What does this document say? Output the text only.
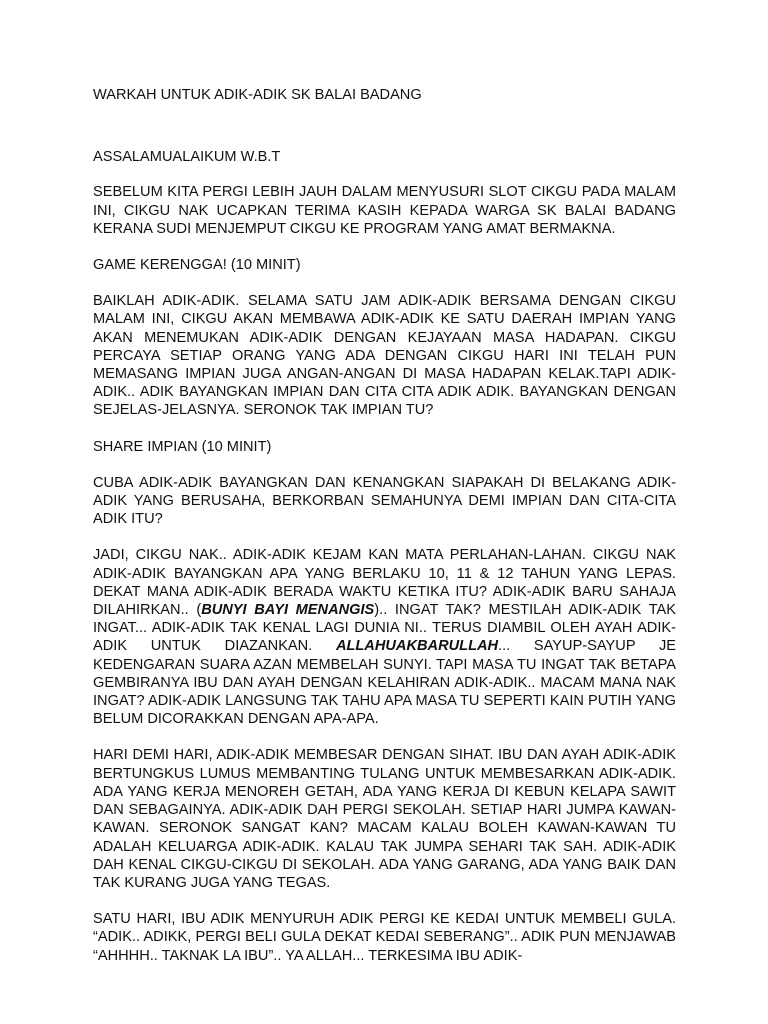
WARKAH UNTUK ADIK-ADIK SK BALAI BADANG

ASSALAMUALAIKUM W.B.T

SEBELUM KITA PERGI LEBIH JAUH DALAM MENYUSURI SLOT CIKGU PADA MALAM INI, CIKGU NAK UCAPKAN TERIMA KASIH KEPADA WARGA SK BALAI BADANG KERANA SUDI MENJEMPUT CIKGU KE PROGRAM YANG AMAT BERMAKNA.

GAME KERENGGA! (10 MINIT)

BAIKLAH ADIK-ADIK. SELAMA SATU JAM ADIK-ADIK BERSAMA DENGAN CIKGU MALAM INI, CIKGU AKAN MEMBAWA ADIK-ADIK KE SATU DAERAH IMPIAN YANG AKAN MENEMUKAN ADIK-ADIK DENGAN KEJAYAAN MASA HADAPAN. CIKGU PERCAYA SETIAP ORANG YANG ADA DENGAN CIKGU HARI INI TELAH PUN MEMASANG IMPIAN JUGA ANGAN-ANGAN DI MASA HADAPAN KELAK.TAPI ADIK-ADIK.. ADIK BAYANGKAN IMPIAN DAN CITA CITA ADIK ADIK. BAYANGKAN DENGAN SEJELAS-JELASNYA. SERONOK TAK IMPIAN TU?

SHARE IMPIAN (10 MINIT)

CUBA ADIK-ADIK BAYANGKAN DAN KENANGKAN SIAPAKAH DI BELAKANG ADIK-ADIK YANG BERUSAHA, BERKORBAN SEMAHUNYA DEMI IMPIAN DAN CITA-CITA ADIK ITU?

JADI, CIKGU NAK.. ADIK-ADIK KEJAM KAN MATA PERLAHAN-LAHAN. CIKGU NAK ADIK-ADIK BAYANGKAN APA YANG BERLAKU 10, 11 & 12 TAHUN YANG LEPAS. DEKAT MANA ADIK-ADIK BERADA WAKTU KETIKA ITU? ADIK-ADIK BARU SAHAJA DILAHIRKAN.. (BUNYI BAYI MENANGIS).. INGAT TAK? MESTILAH ADIK-ADIK TAK INGAT... ADIK-ADIK TAK KENAL LAGI DUNIA NI.. TERUS DIAMBIL OLEH AYAH ADIK-ADIK UNTUK DIAZANKAN. ALLAHUAKBARULLAH... SAYUP-SAYUP JE KEDENGARAN SUARA AZAN MEMBELAH SUNYI. TAPI MASA TU INGAT TAK BETAPA GEMBIRANYA IBU DAN AYAH DENGAN KELAHIRAN ADIK-ADIK.. MACAM MANA NAK INGAT? ADIK-ADIK LANGSUNG TAK TAHU APA MASA TU SEPERTI KAIN PUTIH YANG BELUM DICORAKKAN DENGAN APA-APA.

HARI DEMI HARI, ADIK-ADIK MEMBESAR DENGAN SIHAT. IBU DAN AYAH ADIK-ADIK BERTUNGKUS LUMUS MEMBANTING TULANG UNTUK MEMBESARKAN ADIK-ADIK. ADA YANG KERJA MENOREH GETAH, ADA YANG KERJA DI KEBUN KELAPA SAWIT DAN SEBAGAINYA. ADIK-ADIK DAH PERGI SEKOLAH. SETIAP HARI JUMPA KAWAN-KAWAN. SERONOK SANGAT KAN? MACAM KALAU BOLEH KAWAN-KAWAN TU ADALAH KELUARGA ADIK-ADIK. KALAU TAK JUMPA SEHARI TAK SAH. ADIK-ADIK DAH KENAL CIKGU-CIKGU DI SEKOLAH. ADA YANG GARANG, ADA YANG BAIK DAN TAK KURANG JUGA YANG TEGAS.

SATU HARI, IBU ADIK MENYURUH ADIK PERGI KE KEDAI UNTUK MEMBELI GULA. “ADIK.. ADIKK, PERGI BELI GULA DEKAT KEDAI SEBERANG”.. ADIK PUN MENJAWAB “AHHHH.. TAKNAK LA IBU”.. YA ALLAH... TERKESIMA IBU ADIK-
